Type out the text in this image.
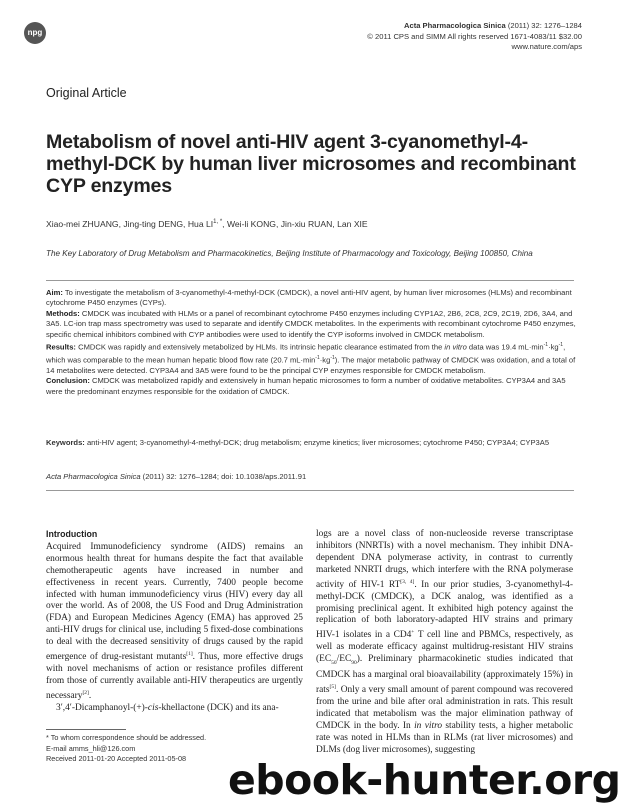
npg
Acta Pharmacologica Sinica (2011) 32: 1276–1284
© 2011 CPS and SIMM All rights reserved 1671-4083/11 $32.00
www.nature.com/aps
Original Article
Metabolism of novel anti-HIV agent 3-cyanomethyl-4-methyl-DCK by human liver microsomes and recombinant CYP enzymes
Xiao-mei ZHUANG, Jing-ting DENG, Hua $LI^{1, *}$, Wei-li KONG, Jin-xiu RUAN, Lan XIE
The Key Laboratory of Drug Metabolism and Pharmacokinetics, Beijing Institute of Pharmacology and Toxicology, Beijing 100850, China

Aim: To investigate the metabolism of 3-cyanomethyl-4-methyl-DCK (CMDCK), a novel anti-HIV agent, by human liver microsomes (HLMs) and recombinant cytochrome P450 enzymes (CYPs).

Methods: CMDCK was incubated with HLMs or a panel of recombinant cytochrome P450 enzymes including CYP1A2, 2B6, 2C8, 2C9, 2C19, 2D6, 3A4, and 3A5. LC-ion trap mass spectrometry was used to separate and identify CMDCK metabolites. In the experiments with recombinant cytochrome P450 enzymes, specific chemical inhibitors combined with CYP antibodies were used to identify the CYP isoforms involved in CMDCK metabolism.

Results: CMDCK was rapidly and extensively metabolized by HLMs. Its intrinsic hepatic clearance estimated from the in vitro data was 19.4 $mL\cdot\min^{-1}\cdot kg^{-1}$, which was comparable to the mean human hepatic blood flow rate (20.7 $mL\cdot\min^{-1}\cdot kg^{-1}$). The major metabolic pathway of CMDCK was oxidation, and a total of 14 metabolites were detected. CYP3A4 and 3A5 were found to be the principal CYP enzymes responsible for CMDCK metabolism.

Conclusion: CMDCK was metabolized rapidly and extensively in human hepatic microsomes to form a number of oxidative metabolites. CYP3A4 and 3A5 were the predominant enzymes responsible for the oxidation of CMDCK.

Keywords: anti-HIV agent; 3-cyanomethyl-4-methyl-DCK; drug metabolism; enzyme kinetics; liver microsomes; cytochrome P450; CYP3A4; CYP3A5
Acta Pharmacologica Sinica (2011) 32: 1276–1284; doi: 10.1038/aps.2011.91
Introduction

Acquired Immunodeficiency syndrome (AIDS) remains an enormous health threat for humans despite the fact that available chemotherapeutic agents have increased in number and effectiveness in recent years. Currently, 7400 people become infected with human immunodeficiency virus (HIV) every day all over the world. As of 2008, the US Food and Drug Administration (FDA) and European Medicines Agency (EMA) has approved 25 anti-HIV drugs for clinical use, including 5 fixed-dose combinations to deal with the decreased sensitivity of drugs caused by the rapid emergence of drug-resistant mutants[1]. Thus, more effective drugs with novel mechanisms of action or resistance profiles different from those of currently available anti-HIV therapeutics are urgently necessary[2].

3′,4′-Dicamphanoyl-(+)-cis-khellactone (DCK) and its ana-

logs are a novel class of non-nucleoside reverse transcriptase inhibitors (NNRTIs) with a novel mechanism. They inhibit DNA-dependent DNA polymerase activity, in contrast to currently marketed NNRTI drugs, which interfere with the RNA polymerase activity of HIV-1 RT[3, 4]. In our prior studies, 3-cyanomethyl-4-methyl-DCK (CMDCK), a DCK analog, was identified as a promising preclinical agent. It exhibited high potency against the replication of both laboratory-adapted HIV strains and primary HIV-1 isolates in a CD4+ T cell line and PBMCs, respectively, as well as moderate efficacy against multidrug-resistant HIV strains $(EC_{50}/EC_{90})$. Preliminary pharmacokinetic studies indicated that CMDCK has a marginal oral bioavailability (approximately 15%) in rats[5]. Only a very small amount of parent compound was recovered from the urine and bile after oral administration in rats. This result indicated that metabolism was the major elimination pathway of CMDCK in the body. In in vitro stability tests, a higher metabolic rate was noted in HLMs than in RLMs (rat liver microsomes) and DLMs (dog liver microsomes), suggesting

* To whom correspondence should be addressed.
E-mail amms_hli@126.com
Received 2011-01-20 Accepted 2011-05-08	ebook-hunter.org
